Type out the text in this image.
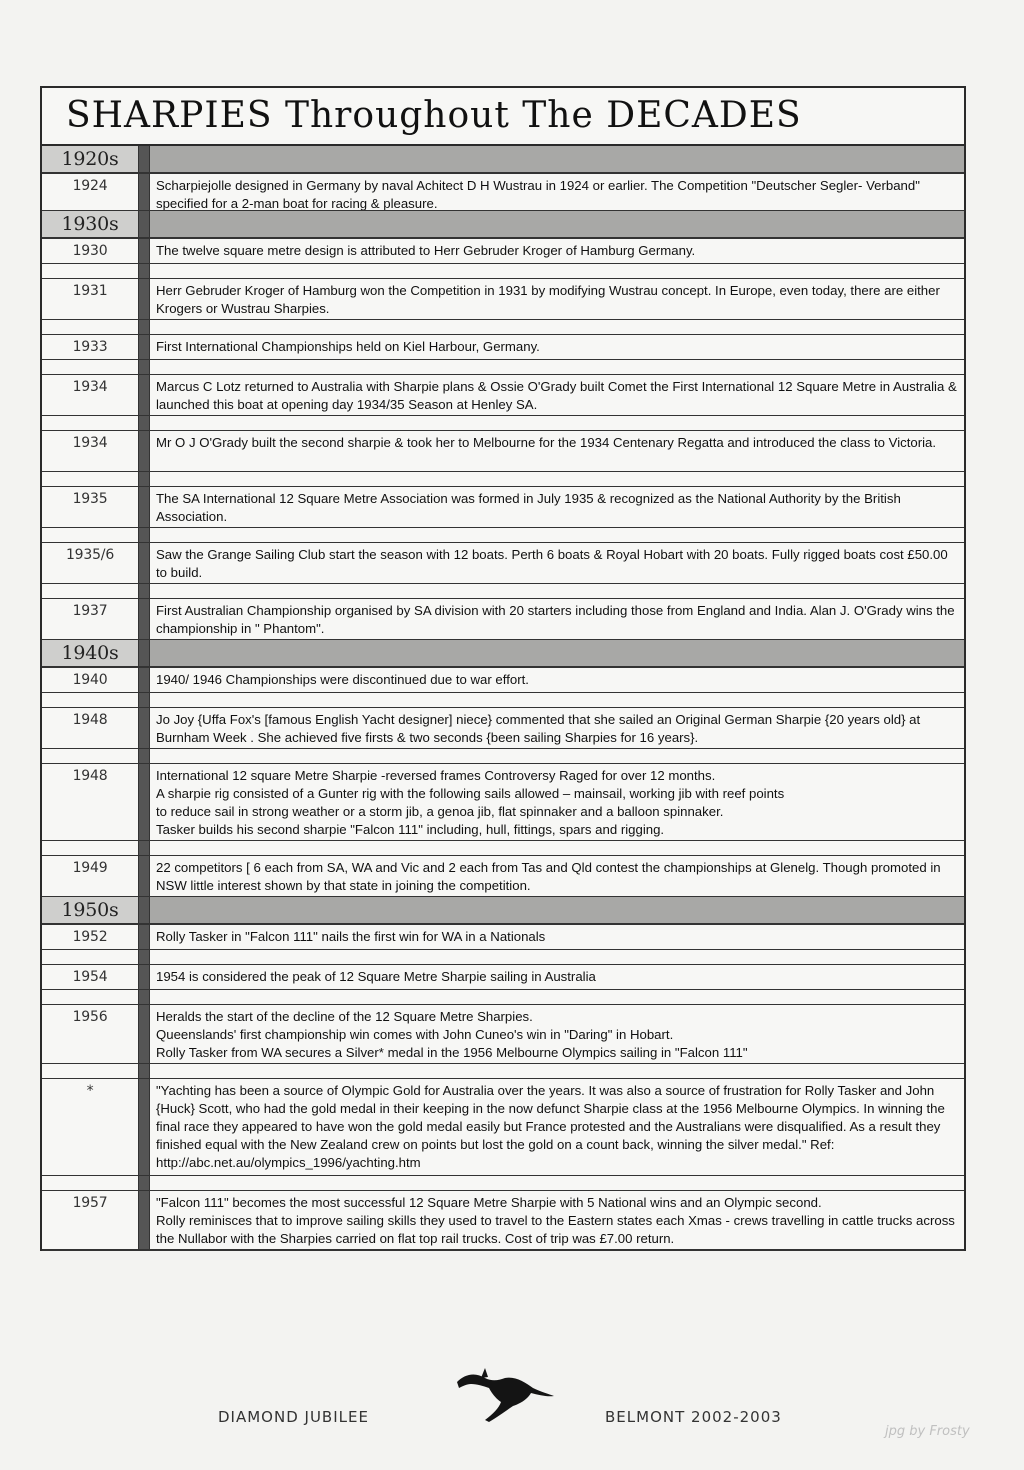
SHARPIES Throughout The DECADES
1920s
1924	Scharpiejolle designed in Germany by naval Achitect D H Wustrau in 1924 or earlier. The Competition "Deutscher Segler- Verband" specified for a 2-man boat for racing & pleasure.
1930s
1930	The twelve square metre design is attributed to Herr Gebruder Kroger of Hamburg Germany.
1931	Herr Gebruder Kroger of Hamburg won the Competition in 1931 by modifying Wustrau concept. In Europe, even today, there are either Krogers or Wustrau Sharpies.
1933	First International Championships held on Kiel Harbour, Germany.
1934	Marcus C Lotz returned to Australia with Sharpie plans & Ossie O'Grady built Comet the First International 12 Square Metre in Australia & launched this boat at opening day 1934/35 Season at Henley SA.
1934	Mr O J O'Grady built the second sharpie & took her to Melbourne for the 1934 Centenary Regatta and introduced the class to Victoria.
1935	The SA International 12 Square Metre Association was formed in July 1935 & recognized as the National Authority by the British Association.
1935/6	Saw the Grange Sailing Club start the season with 12 boats. Perth 6 boats & Royal Hobart with 20 boats. Fully rigged boats cost £50.00 to build.
1937	First Australian Championship organised by SA division with 20 starters including those from England and India. Alan J. O'Grady wins the championship in " Phantom".
1940s
1940	1940/ 1946 Championships were discontinued due to war effort.
1948	Jo Joy {Uffa Fox's [famous English Yacht designer] niece} commented that she sailed an Original German Sharpie {20 years old} at Burnham Week . She achieved five firsts & two seconds {been sailing Sharpies for 16 years}.
1948	International 12 square Metre Sharpie -reversed frames Controversy Raged for over 12 months.
A sharpie rig consisted of a Gunter rig with the following sails allowed – mainsail, working jib with reef points
to reduce sail in strong weather or a storm jib, a genoa jib, flat spinnaker and a balloon spinnaker.
Tasker builds his second sharpie "Falcon 111" including, hull, fittings, spars and rigging.
1949	22 competitors [ 6 each from SA, WA and Vic and 2 each from Tas and Qld contest the championships at Glenelg. Though promoted in NSW little interest shown by that state in joining the competition.
1950s
1952	Rolly Tasker in "Falcon 111" nails the first win for WA in a Nationals
1954	1954 is considered the peak of 12 Square Metre Sharpie sailing in Australia
1956	Heralds the start of the decline of the 12 Square Metre Sharpies.
Queenslands' first championship win comes with John Cuneo's win in "Daring" in Hobart.
Rolly Tasker from WA secures a Silver* medal in the 1956 Melbourne Olympics sailing in "Falcon 111"
*	"Yachting has been a source of Olympic Gold for Australia over the years. It was also a source of frustration for Rolly Tasker and John {Huck} Scott, who had the gold medal in their keeping in the now defunct Sharpie class at the 1956 Melbourne Olympics. In winning the final race they appeared to have won the gold medal easily but France protested and the Australians were disqualified. As a result they finished equal with the New Zealand crew on points but lost the gold on a count back, winning the silver medal." Ref: http://abc.net.au/olympics_1996/yachting.htm
1957	"Falcon 111" becomes the most successful 12 Square Metre Sharpie with 5 National wins and an Olympic second.
Rolly reminisces that to improve sailing skills they used to travel to the Eastern states each Xmas - crews travelling in cattle trucks across the Nullabor with the Sharpies carried on flat top rail trucks. Cost of trip was £7.00 return.
DIAMOND JUBILEE	BELMONT 2002-2003
jpg by Frosty
